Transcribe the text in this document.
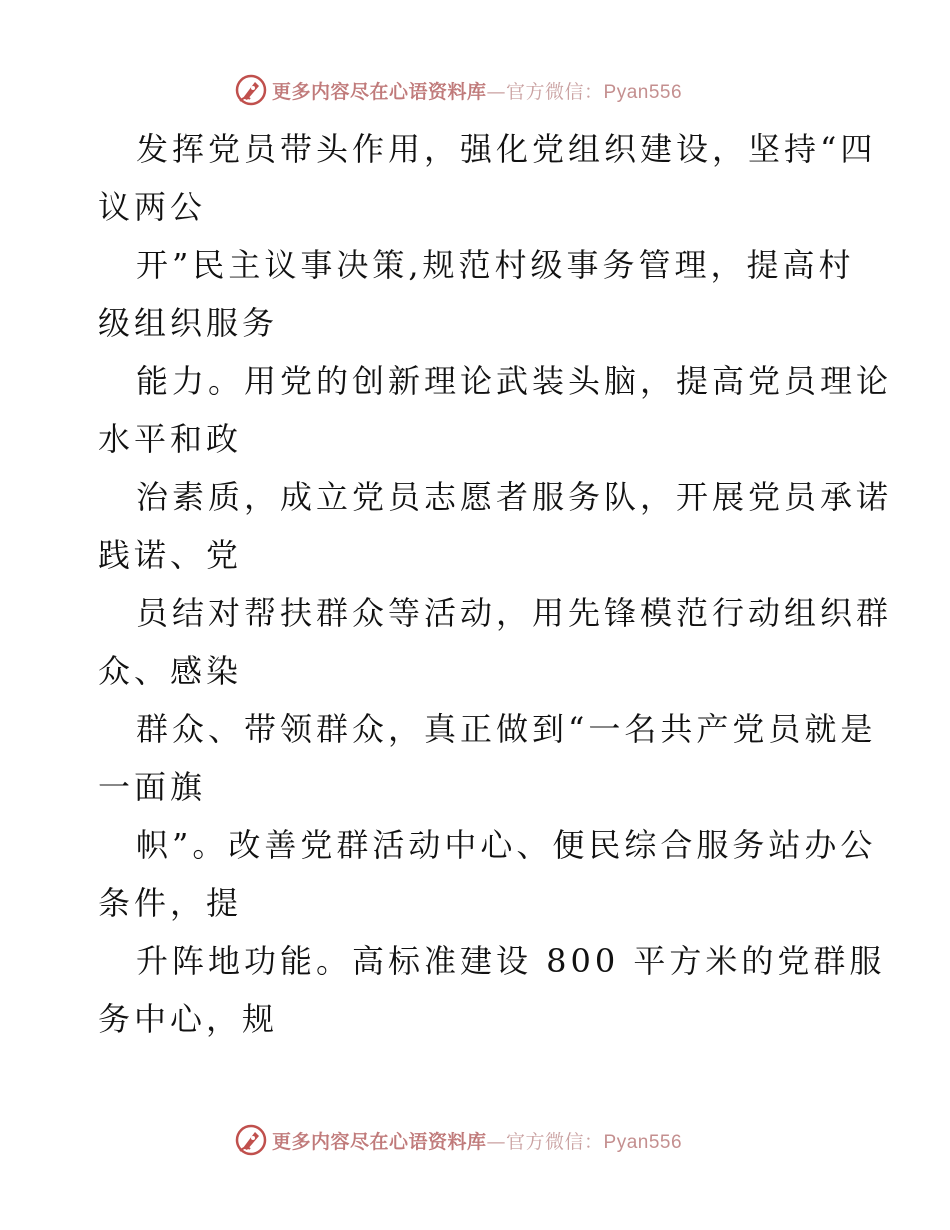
更多内容尽在心语资料库—官方微信：Pyan556

发挥党员带头作用，强化党组织建设，坚持“四
议两公

开”民主议事决策,规范村级事务管理，提高村
级组织服务

能力。用党的创新理论武装头脑，提高党员理论
水平和政

治素质，成立党员志愿者服务队，开展党员承诺
践诺、党

员结对帮扶群众等活动，用先锋模范行动组织群
众、感染

群众、带领群众，真正做到“一名共产党员就是
一面旗

帜”。改善党群活动中心、便民综合服务站办公
条件，提

升阵地功能。高标准建设 800 平方米的党群服
务中心，规

更多内容尽在心语资料库—官方微信：Pyan556
